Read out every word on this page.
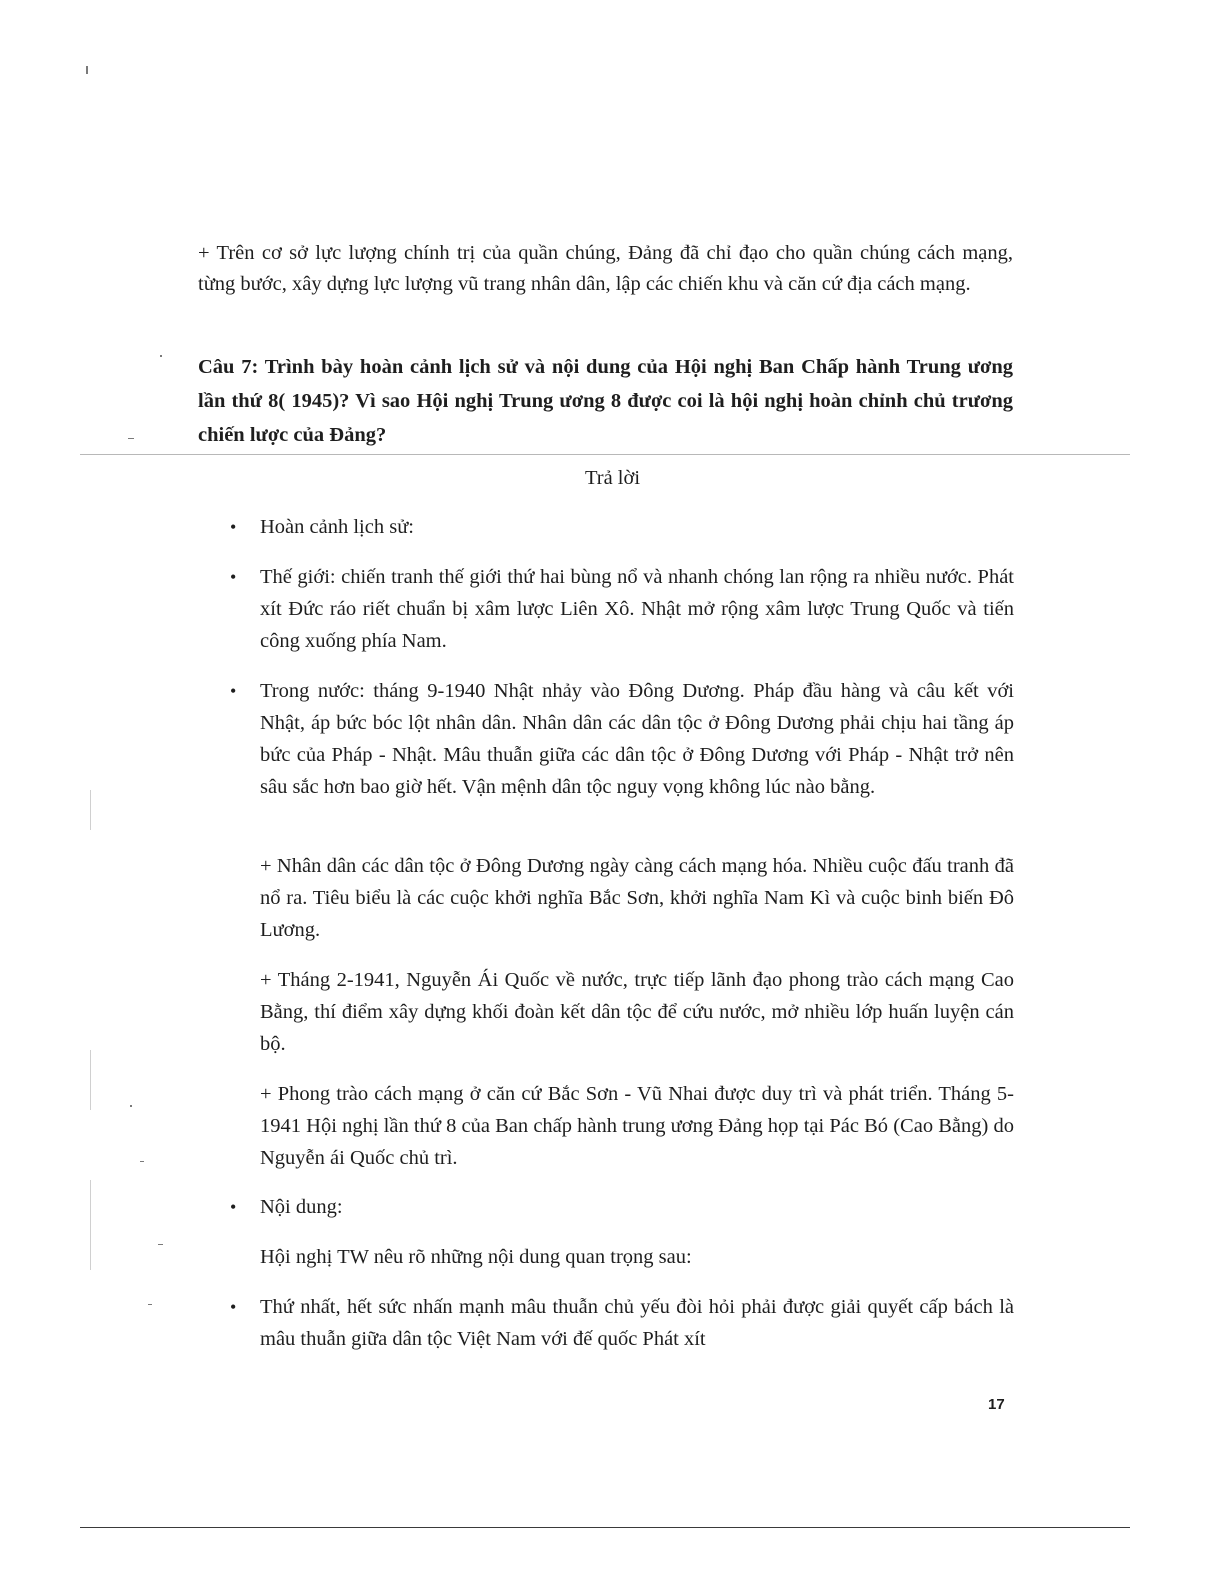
+ Trên cơ sở lực lượng chính trị của quần chúng, Đảng đã chỉ đạo cho quần chúng cách mạng, từng bước, xây dựng lực lượng vũ trang nhân dân, lập các chiến khu và căn cứ địa cách mạng.

Câu 7: Trình bày hoàn cảnh lịch sử và nội dung của Hội nghị Ban Chấp hành Trung ương lần thứ 8( 1945)? Vì sao Hội nghị Trung ương 8 được coi là hội nghị hoàn chỉnh chủ trương chiến lược của Đảng?

Trả lời
• Hoàn cảnh lịch sử:

• Thế giới: chiến tranh thế giới thứ hai bùng nổ và nhanh chóng lan rộng ra nhiều nước. Phát xít Đức ráo riết chuẩn bị xâm lược Liên Xô. Nhật mở rộng xâm lược Trung Quốc và tiến công xuống phía Nam.

• Trong nước: tháng 9-1940 Nhật nhảy vào Đông Dương. Pháp đầu hàng và câu kết với Nhật, áp bức bóc lột nhân dân. Nhân dân các dân tộc ở Đông Dương phải chịu hai tầng áp bức của Pháp - Nhật. Mâu thuẫn giữa các dân tộc ở Đông Dương với Pháp - Nhật trở nên sâu sắc hơn bao giờ hết. Vận mệnh dân tộc nguy vọng không lúc nào bằng.

+ Nhân dân các dân tộc ở Đông Dương ngày càng cách mạng hóa. Nhiều cuộc đấu tranh đã nổ ra. Tiêu biểu là các cuộc khởi nghĩa Bắc Sơn, khởi nghĩa Nam Kì và cuộc binh biến Đô Lương.

+ Tháng 2-1941, Nguyễn Ái Quốc về nước, trực tiếp lãnh đạo phong trào cách mạng Cao Bằng, thí điểm xây dựng khối đoàn kết dân tộc để cứu nước, mở nhiều lớp huấn luyện cán bộ.

+ Phong trào cách mạng ở căn cứ Bắc Sơn - Vũ Nhai được duy trì và phát triển. Tháng 5-1941 Hội nghị lần thứ 8 của Ban chấp hành trung ương Đảng họp tại Pác Bó (Cao Bằng) do Nguyễn ái Quốc chủ trì.

• Nội dung:

Hội nghị TW nêu rõ những nội dung quan trọng sau:

• Thứ nhất, hết sức nhấn mạnh mâu thuẫn chủ yếu đòi hỏi phải được giải quyết cấp bách là mâu thuẫn giữa dân tộc Việt Nam với đế quốc Phát xít

17
